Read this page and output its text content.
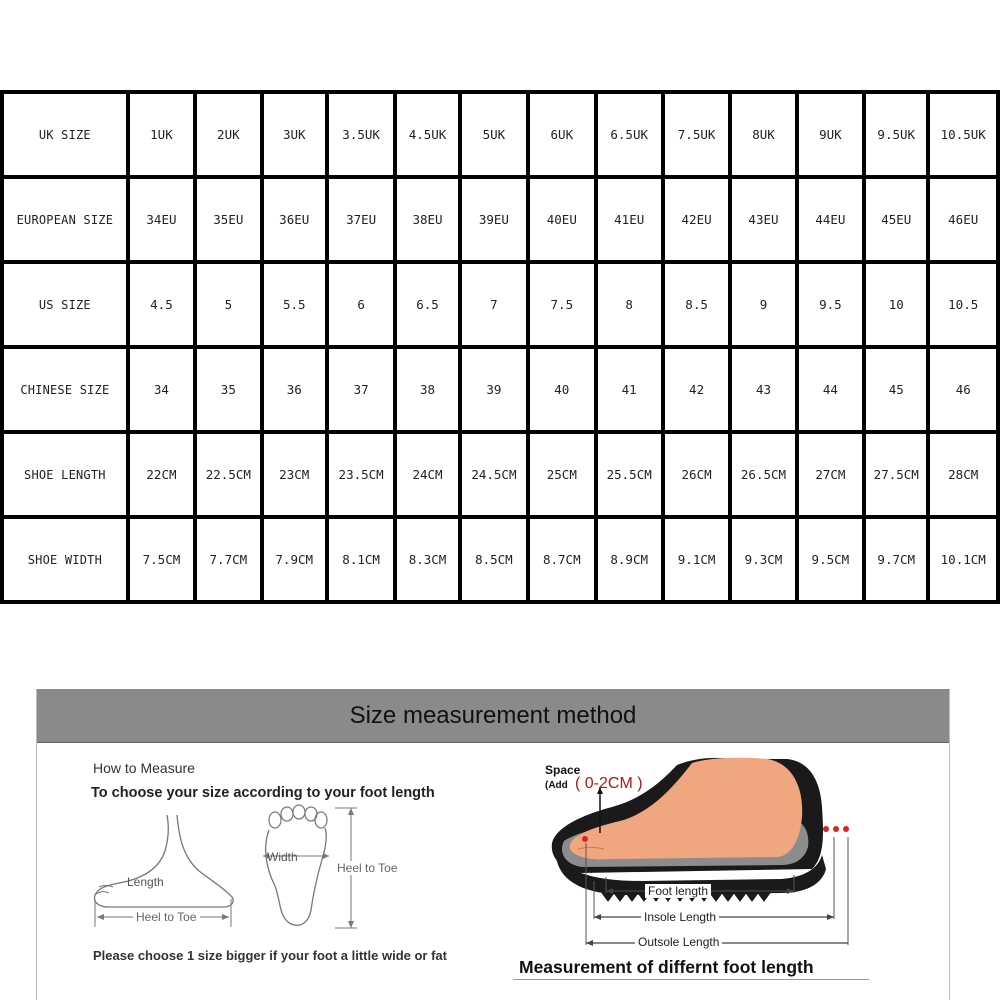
UK SIZE	1UK	2UK	3UK	3.5UK	4.5UK	5UK	6UK	6.5UK	7.5UK	8UK	9UK	9.5UK	10.5UK
EUROPEAN SIZE	34EU	35EU	36EU	37EU	38EU	39EU	40EU	41EU	42EU	43EU	44EU	45EU	46EU
US SIZE	4.5	5	5.5	6	6.5	7	7.5	8	8.5	9	9.5	10	10.5
CHINESE SIZE	34	35	36	37	38	39	40	41	42	43	44	45	46
SHOE LENGTH	22CM	22.5CM	23CM	23.5CM	24CM	24.5CM	25CM	25.5CM	26CM	26.5CM	27CM	27.5CM	28CM
SHOE WIDTH	7.5CM	7.7CM	7.9CM	8.1CM	8.3CM	8.5CM	8.7CM	8.9CM	9.1CM	9.3CM	9.5CM	9.7CM	10.1CM
Size measurement method
How to Measure
To choose your size according to your foot length
Length
Heel to Toe
Width
Heel to Toe
Please choose 1 size bigger if your foot a little wide or fat
Space
(Add ( 0-2CM )
Foot length
Insole Length
Outsole Length
Measurement of differnt foot length
